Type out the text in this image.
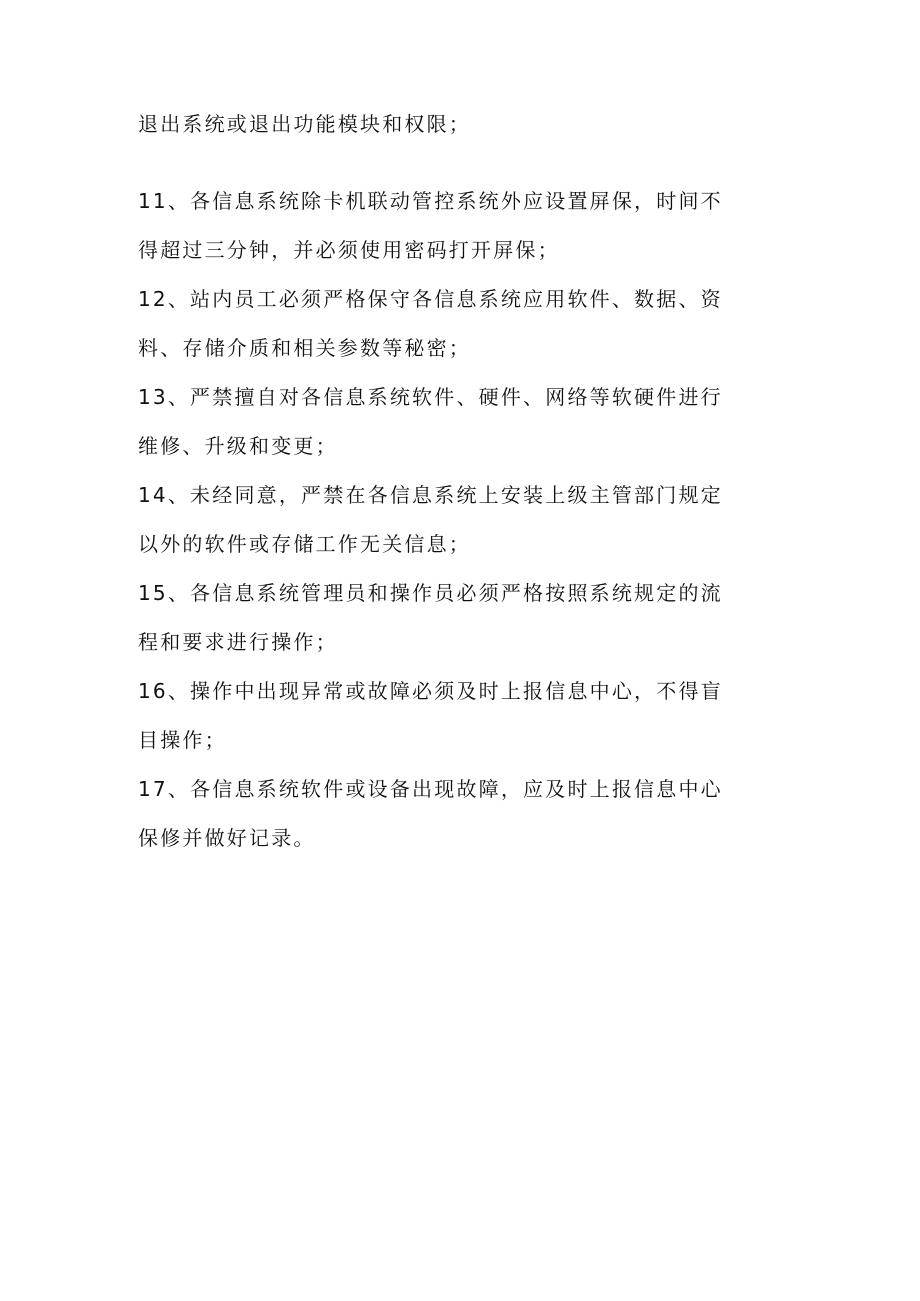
退出系统或退出功能模块和权限；
11、各信息系统除卡机联动管控系统外应设置屏保，时间不
得超过三分钟，并必须使用密码打开屏保；
12、站内员工必须严格保守各信息系统应用软件、数据、资
料、存储介质和相关参数等秘密；
13、严禁擅自对各信息系统软件、硬件、网络等软硬件进行
维修、升级和变更；
14、未经同意，严禁在各信息系统上安装上级主管部门规定
以外的软件或存储工作无关信息；
15、各信息系统管理员和操作员必须严格按照系统规定的流
程和要求进行操作；
16、操作中出现异常或故障必须及时上报信息中心，不得盲
目操作；
17、各信息系统软件或设备出现故障，应及时上报信息中心
保修并做好记录。
